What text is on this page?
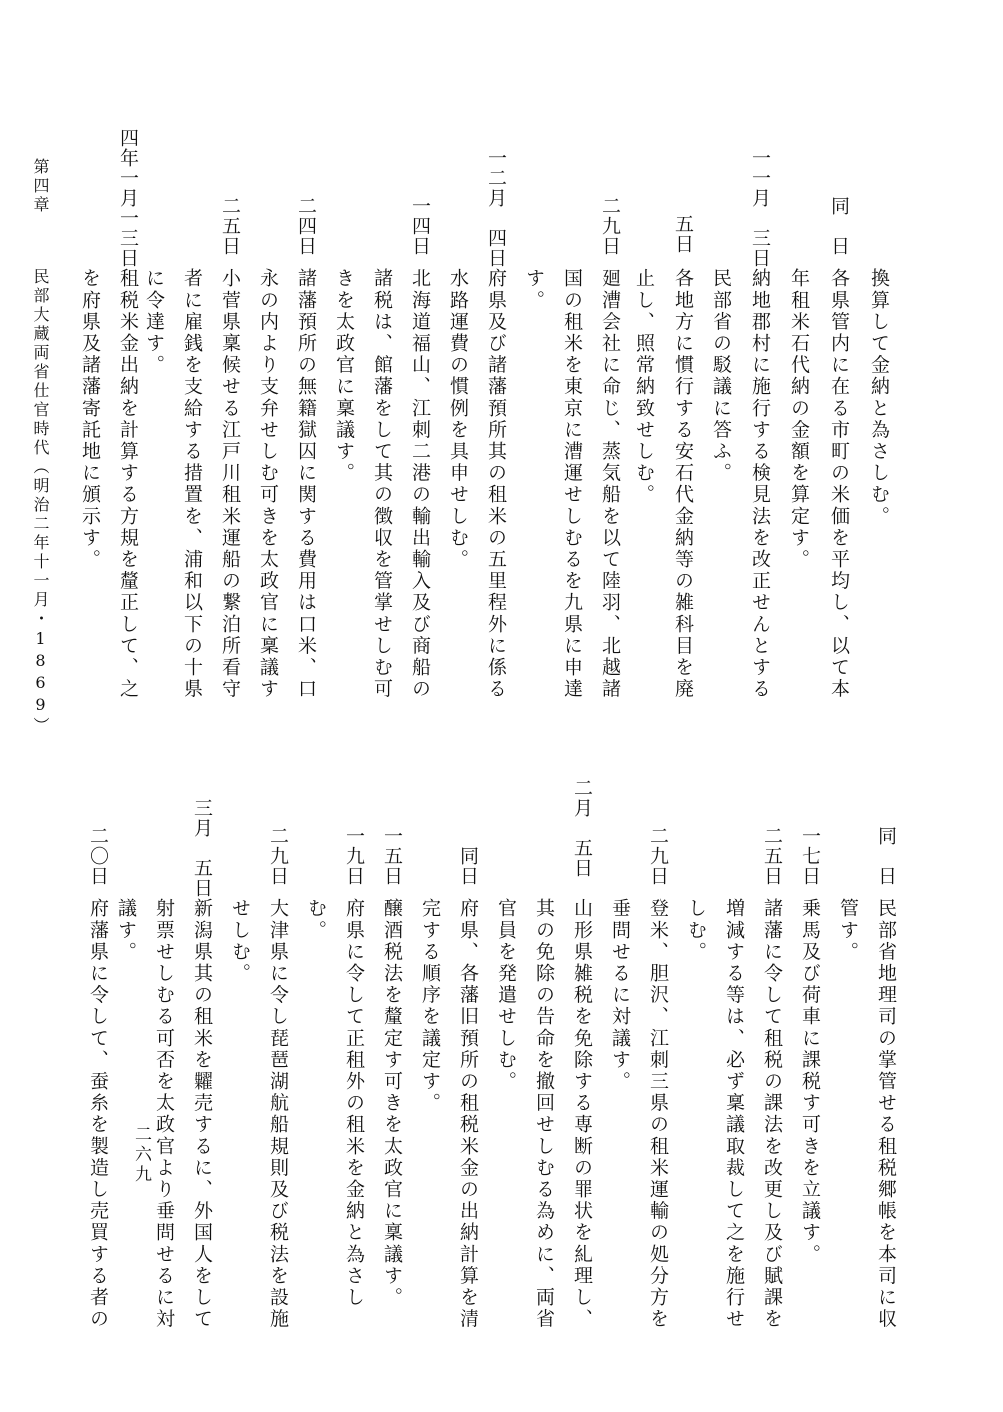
第四章
民部大蔵両省仕官時代（明治二年十一月・1869）
二六九
換算して金納と為さしむ。
同　日
各県管内に在る市町の米価を平均し、以て本
年租米石代納の金額を算定す。
一一月　三日
納地郡村に施行する検見法を改正せんとする
民部省の駁議に答ふ。
五日
各地方に慣行する安石代金納等の雑科目を廃
止し、照常納致せしむ。
二九日
廻漕会社に命じ、蒸気船を以て陸羽、北越諸
国の租米を東京に漕運せしむるを九県に申達
す。
一二月　四日
府県及び諸藩預所其の租米の五里程外に係る
水路運費の慣例を具申せしむ。
一四日
北海道福山、江刺二港の輸出輸入及び商船の
諸税は、館藩をして其の徴収を管掌せしむ可
きを太政官に稟議す。
二四日
諸藩預所の無籍獄囚に関する費用は口米、口
永の内より支弁せしむ可きを太政官に稟議す
二五日
小菅県稟候せる江戸川租米運船の繋泊所看守
者に雇銭を支給する措置を、浦和以下の十県
に令達す。
四年一月一三日
租税米金出納を計算する方規を釐正して、之
を府県及諸藩寄託地に頒示す。
同　日
民部省地理司の掌管せる租税郷帳を本司に収
管す。
一七日
乗馬及び荷車に課税す可きを立議す。
二五日
諸藩に令して租税の課法を改更し及び賦課を
増減する等は、必ず稟議取裁して之を施行せ
しむ。
二九日
登米、胆沢、江刺三県の租米運輸の処分方を
垂問せるに対議す。
二月　五日
山形県雑税を免除する専断の罪状を糺理し、
其の免除の告命を撤回せしむる為めに、両省
官員を発遣せしむ。
同日
府県、各藩旧預所の租税米金の出納計算を清
完する順序を議定す。
一五日
醸酒税法を釐定す可きを太政官に稟議す。
一九日
府県に令して正租外の租米を金納と為さし
む。
二九日
大津県に令し琵琶湖航船規則及び税法を設施
せしむ。
三月　五日
新潟県其の租米を糶売するに、外国人をして
射票せしむる可否を太政官より垂問せるに対
議す。
二〇日
府藩県に令して、蚕糸を製造し売買する者の
